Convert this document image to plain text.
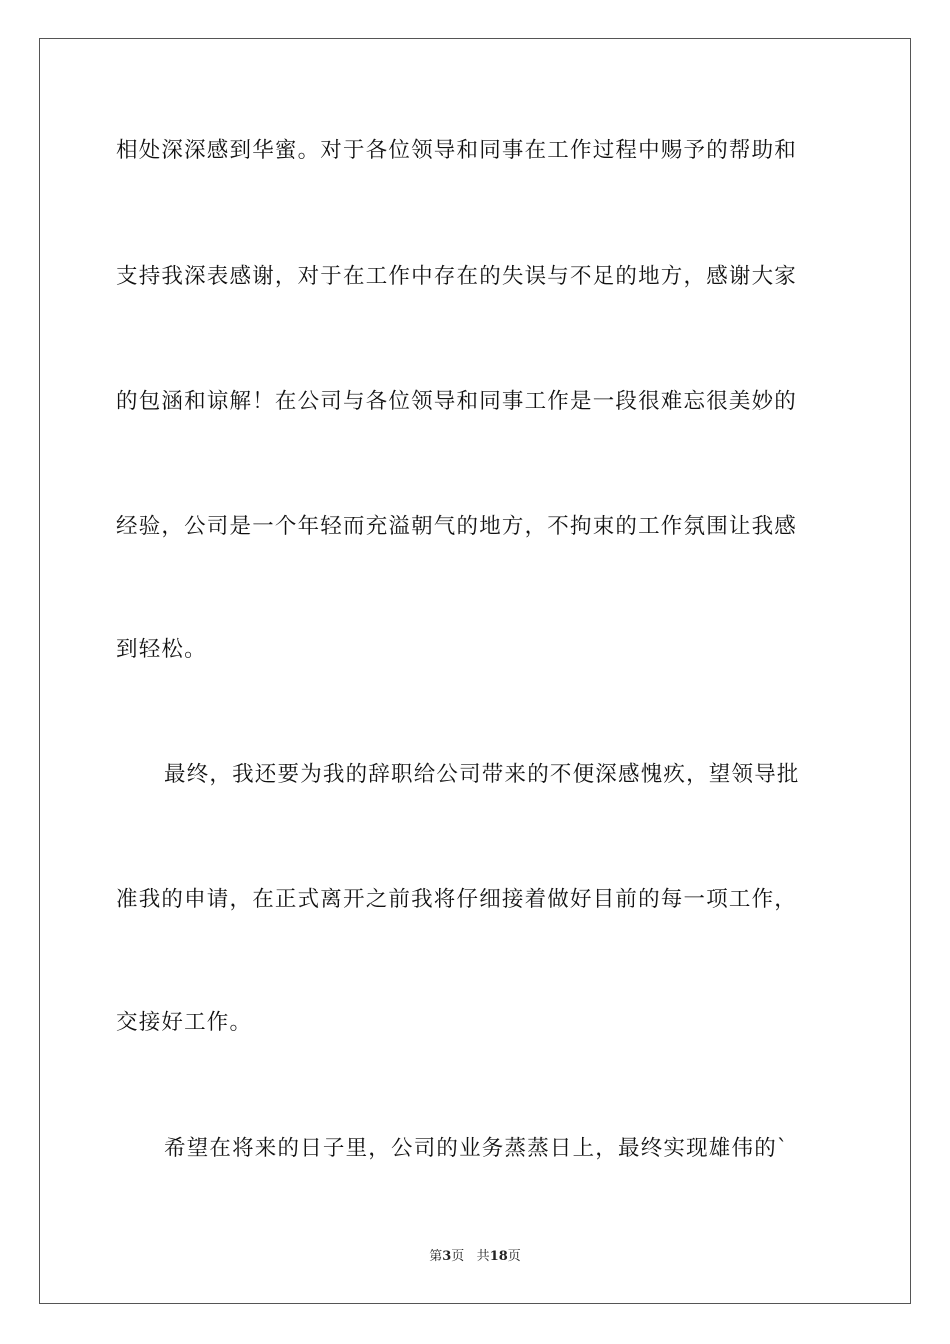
相处深深感到华蜜。对于各位领导和同事在工作过程中赐予的帮助和
支持我深表感谢，对于在工作中存在的失误与不足的地方，感谢大家
的包涵和谅解！在公司与各位领导和同事工作是一段很难忘很美妙的
经验，公司是一个年轻而充溢朝气的地方，不拘束的工作氛围让我感
到轻松。
最终，我还要为我的辞职给公司带来的不便深感愧疚，望领导批
准我的申请，在正式离开之前我将仔细接着做好目前的每一项工作，
交接好工作。
希望在将来的日子里，公司的业务蒸蒸日上，最终实现雄伟的`
第3页 共18页
